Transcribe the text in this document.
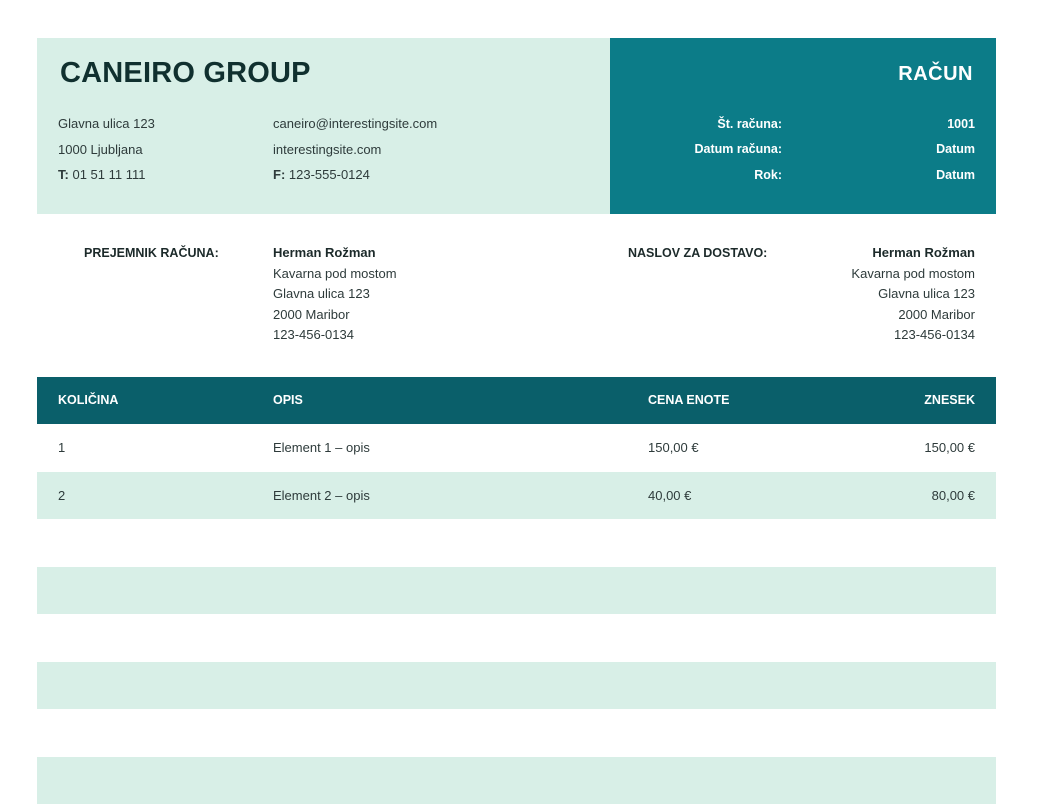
CANEIRO GROUP
Glavna ulica 123
1000 Ljubljana
T: 01 51 11 111
caneiro@interestingsite.com
interestingsite.com
F: 123-555-0124
RAČUN
Št. računa:	1001
Datum računa:	Datum
Rok:	Datum
PREJEMNIK RAČUNA:	Herman Rožman
Kavarna pod mostom
Glavna ulica 123
2000 Maribor
123-456-0134
NASLOV ZA DOSTAVO:	Herman Rožman
Kavarna pod mostom
Glavna ulica 123
2000 Maribor
123-456-0134
KOLIČINA	OPIS	CENA ENOTE	ZNESEK
1	Element 1 – opis	150,00 €	150,00 €
2	Element 2 – opis	40,00 €	80,00 €
